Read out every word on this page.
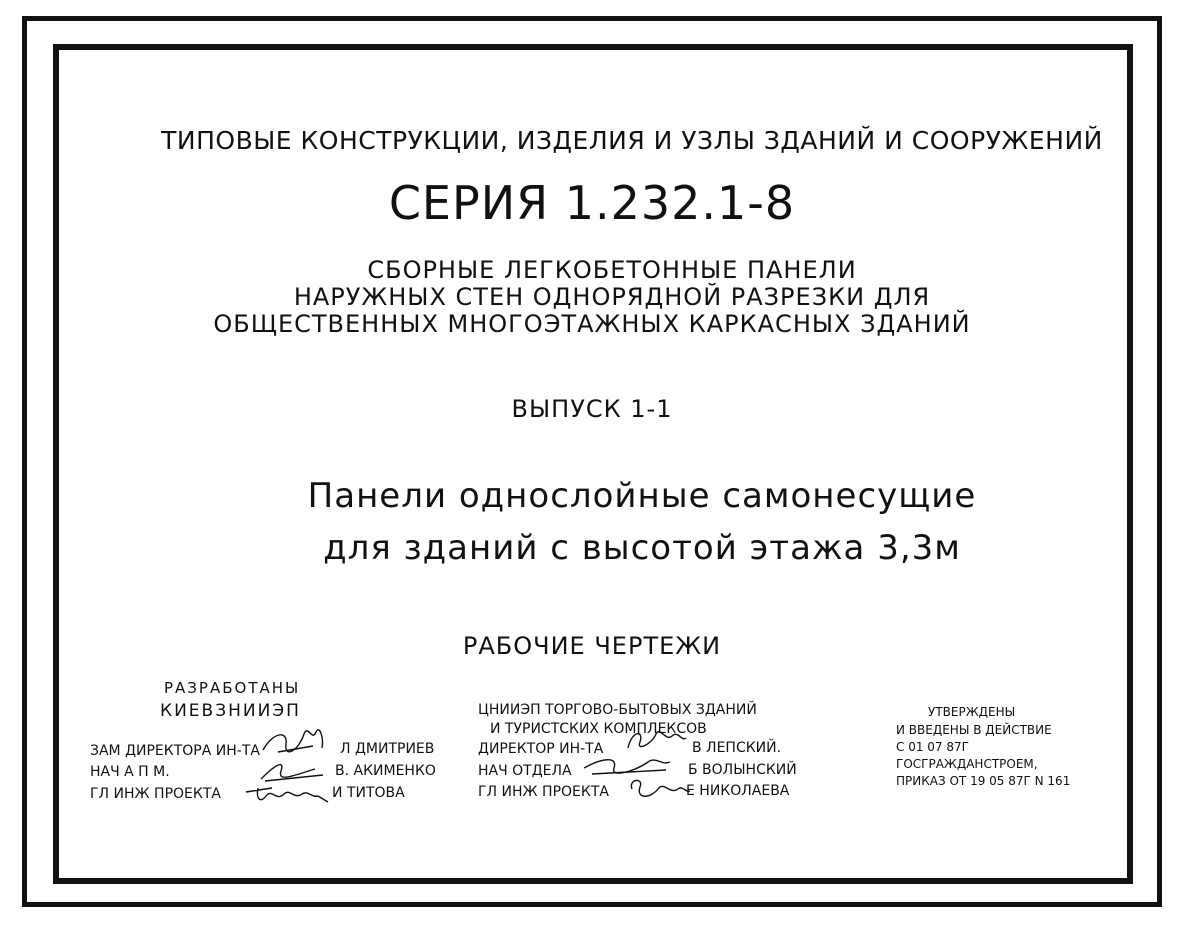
ТИПОВЫЕ КОНСТРУКЦИИ, ИЗДЕЛИЯ И УЗЛЫ ЗДАНИЙ И СООРУЖЕНИЙ
СЕРИЯ 1.232.1-8
СБОРНЫЕ ЛЕГКОБЕТОННЫЕ ПАНЕЛИ
НАРУЖНЫХ СТЕН ОДНОРЯДНОЙ РАЗРЕЗКИ ДЛЯ
ОБЩЕСТВЕННЫХ МНОГОЭТАЖНЫХ КАРКАСНЫХ ЗДАНИЙ
ВЫПУСК 1-1
Панели однослойные самонесущие
для зданий с высотой этажа 3,3м
РАБОЧИЕ ЧЕРТЕЖИ
РАЗРАБОТАНЫ
КИЕВЗНИИЭП
ЗАМ ДИРЕКТОРА ИН-ТА
НАЧ А П М.
ГЛ ИНЖ ПРОЕКТА
Л ДМИТРИЕВ
В. АКИМЕНКО
И ТИТОВА
ЦНИИЭП ТОРГОВО-БЫТОВЫХ ЗДАНИЙ
И ТУРИСТСКИХ КОМПЛЕКСОВ
ДИРЕКТОР ИН-ТА
НАЧ ОТДЕЛА
ГЛ ИНЖ ПРОЕКТА
В ЛЕПСКИЙ.
Б ВОЛЫНСКИЙ
Е НИКОЛАЕВА
УТВЕРЖДЕНЫ
И ВВЕДЕНЫ В ДЕЙСТВИЕ
С 01 07 87Г
ГОСГРАЖДАНСТРОЕМ,
ПРИКАЗ ОТ 19 05 87Г N 161
